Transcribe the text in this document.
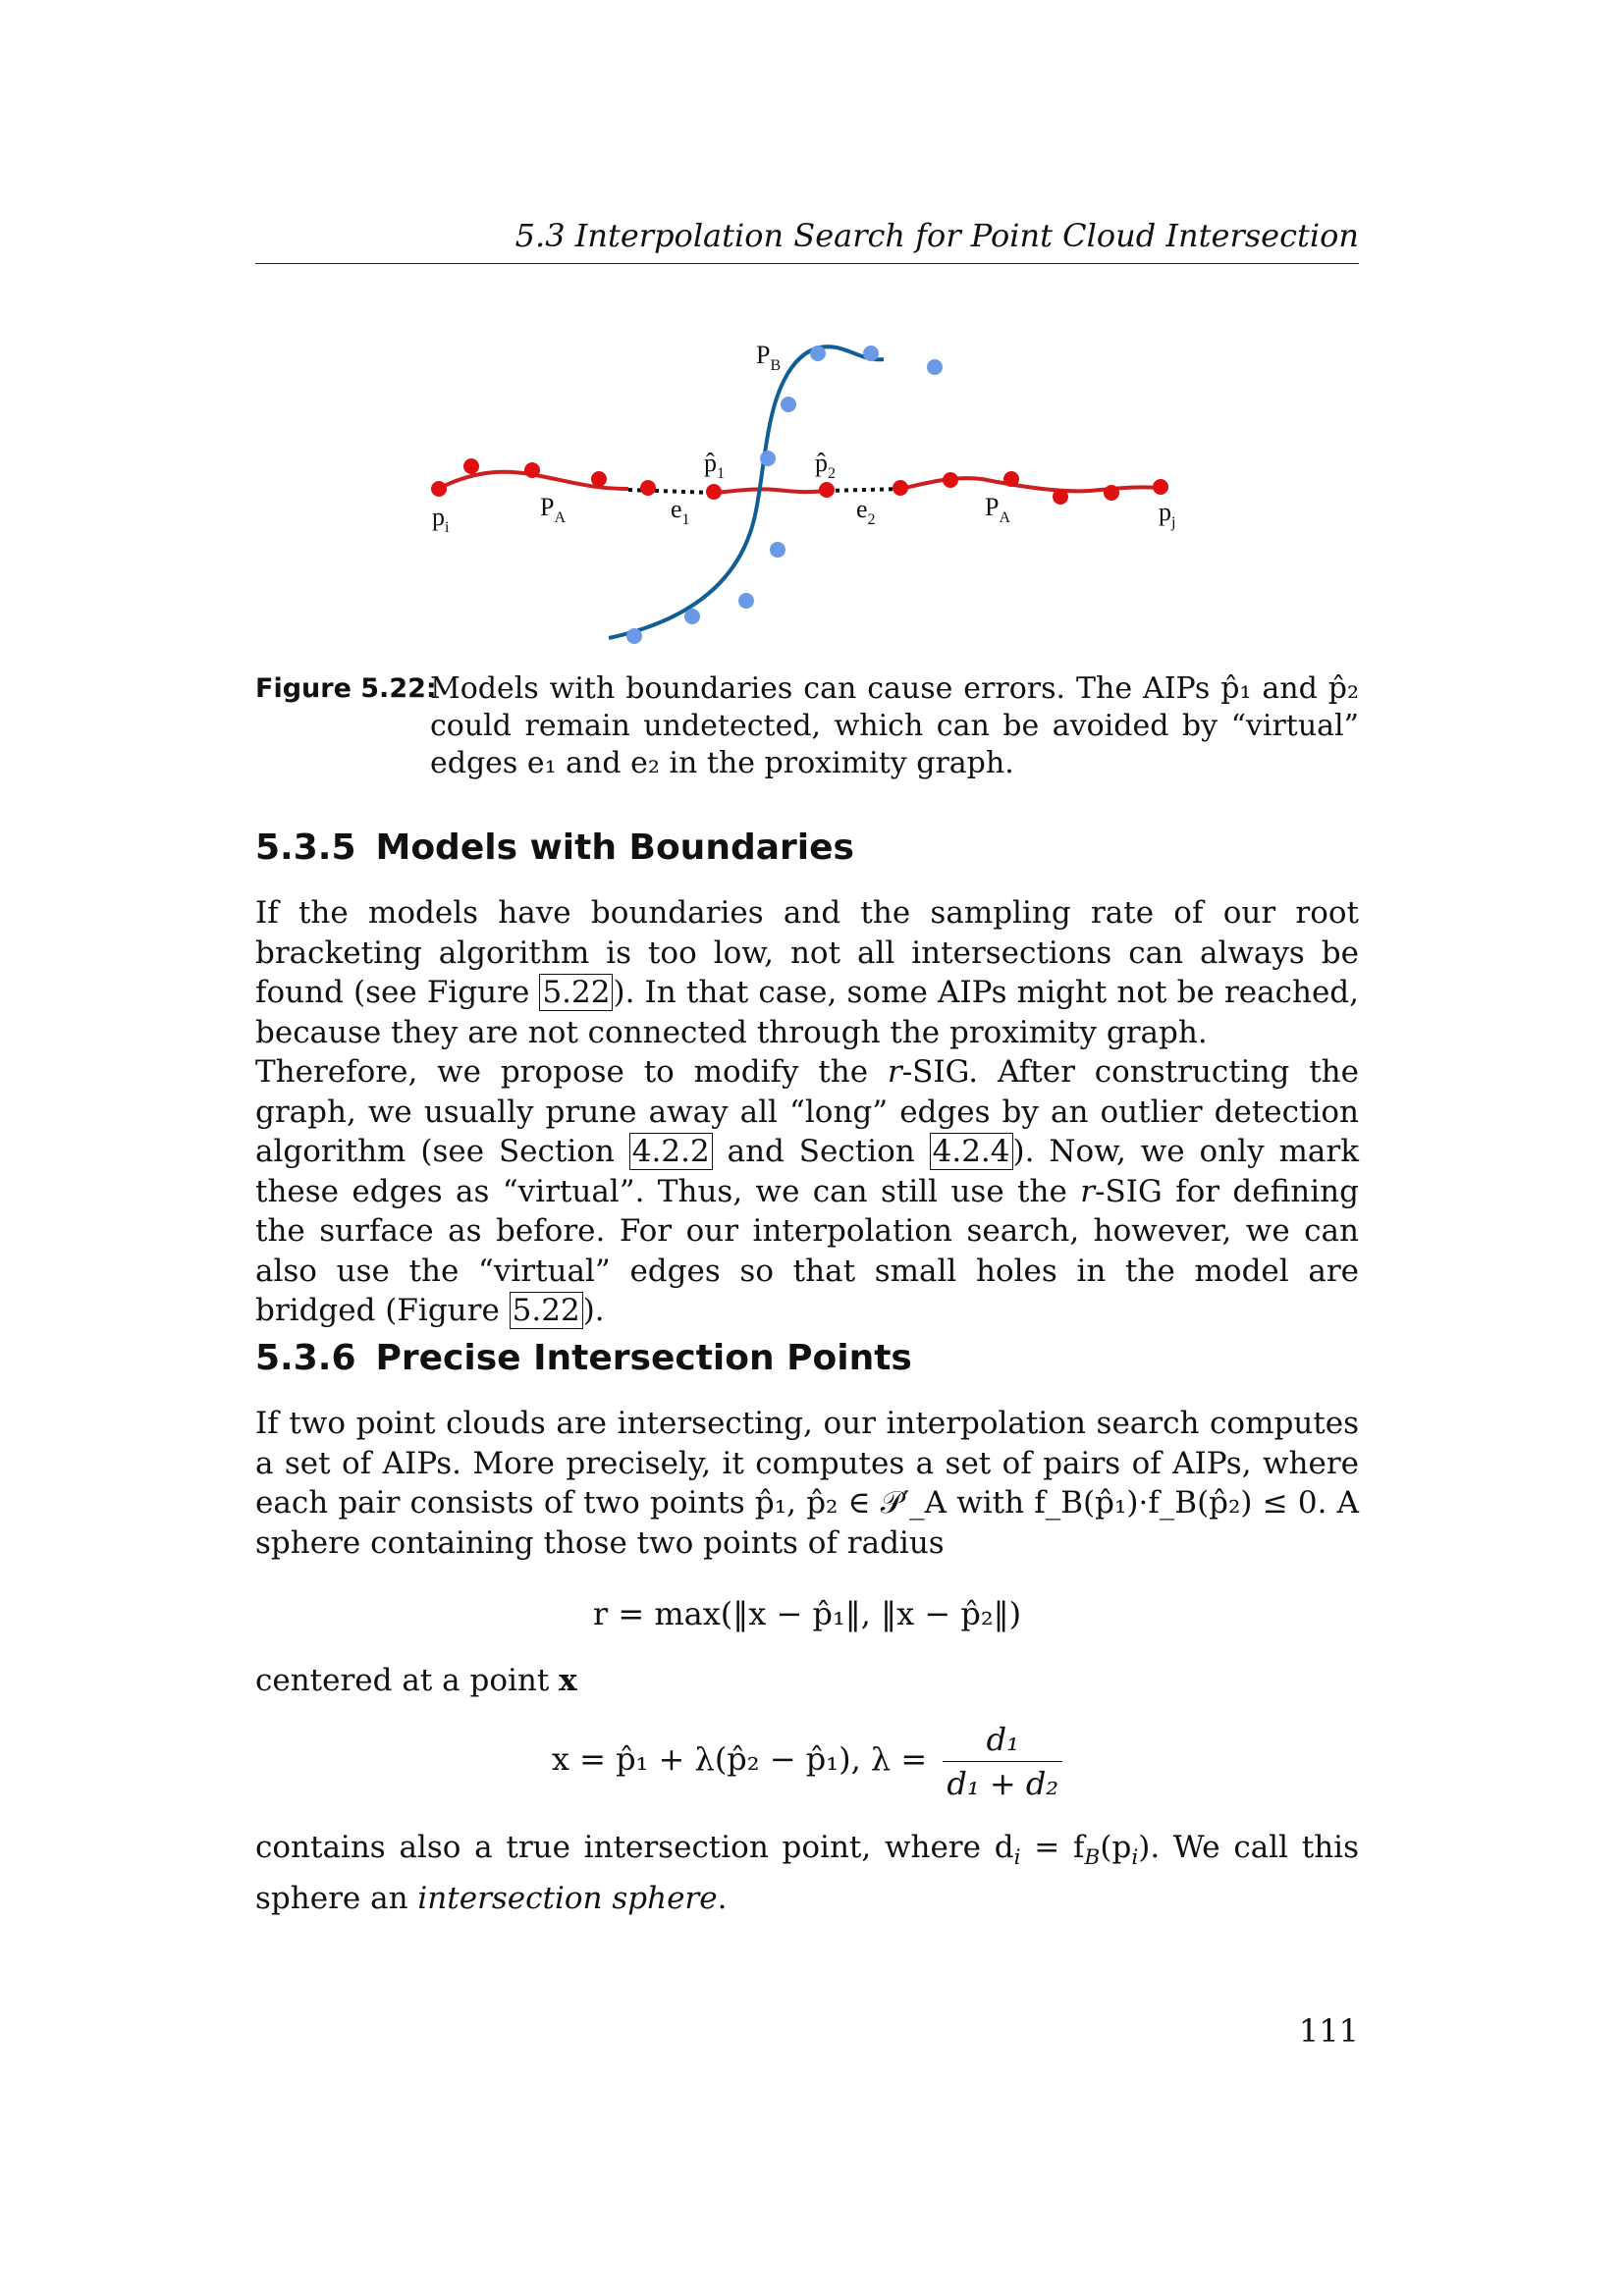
5.3 Interpolation Search for Point Cloud Intersection
$P_B$
$p̂_1$	$p̂_2$
$p_i$
$P_A$	$e_1$	$e_2$	$P_A$	$p_j$
Figure 5.22:
Models with boundaries can cause errors. The AIPs p̂₁ and p̂₂ could remain undetected, which can be avoided by “virtual” edges e₁ and e₂ in the proximity graph.
5.3.5 Models with Boundaries

If the models have boundaries and the sampling rate of our root bracketing algorithm is too low, not all intersections can always be found (see Figure 5.22). In that case, some AIPs might not be reached, because they are not connected through the proximity graph.

Therefore, we propose to modify the r-SIG. After constructing the graph, we usually prune away all “long” edges by an outlier detection algorithm (see Section 4.2.2 and Section 4.2.4). Now, we only mark these edges as “virtual”. Thus, we can still use the r-SIG for defining the surface as before. For our interpolation search, however, we can also use the “virtual” edges so that small holes in the model are bridged (Figure 5.22).

5.3.6 Precise Intersection Points

If two point clouds are intersecting, our interpolation search computes a set of AIPs. More precisely, it computes a set of pairs of AIPs, where each pair consists of two points p̂₁, p̂₂ ∈ 𝒫′_A with f_B(p̂₁)·f_B(p̂₂) ≤ 0. A sphere containing those two points of radius

r = max(‖x − p̂₁‖, ‖x − p̂₂‖)

centered at a point x

x = p̂₁ + λ(p̂₂ − p̂₁), $\lambda = \frac{\text{d₁}}{\text{d₁ + d₂}}$

contains also a true intersection point, where $d_i = f_B(p_i)$. We call this sphere an intersection sphere.

111
